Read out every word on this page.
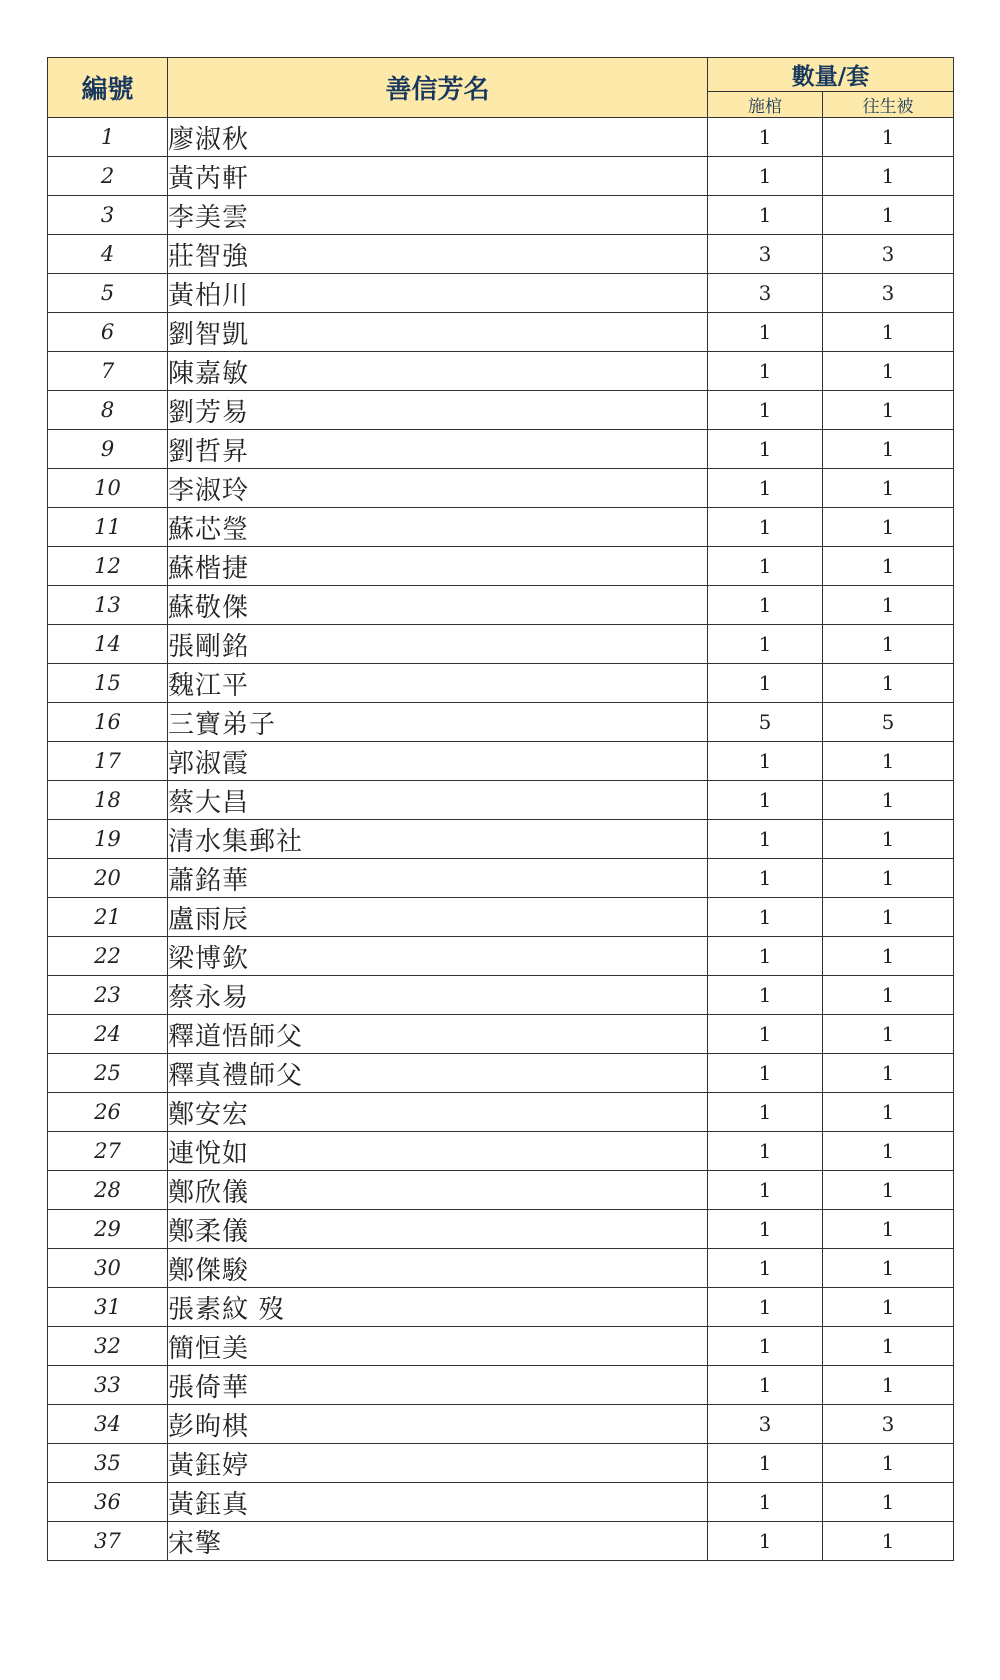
編號	善信芳名	數量/套	
		施棺	往生被
1	廖淑秋	1	1
2	黃芮軒	1	1
3	李美雲	1	1
4	莊智強	3	3
5	黃柏川	3	3
6	劉智凱	1	1
7	陳嘉敏	1	1
8	劉芳易	1	1
9	劉哲昇	1	1
10	李淑玲	1	1
11	蘇芯瑩	1	1
12	蘇楷捷	1	1
13	蘇敬傑	1	1
14	張剛銘	1	1
15	魏江平	1	1
16	三寶弟子	5	5
17	郭淑霞	1	1
18	蔡大昌	1	1
19	清水集郵社	1	1
20	蕭銘華	1	1
21	盧雨辰	1	1
22	梁博欽	1	1
23	蔡永易	1	1
24	釋道悟師父	1	1
25	釋真禮師父	1	1
26	鄭安宏	1	1
27	連悅如	1	1
28	鄭欣儀	1	1
29	鄭柔儀	1	1
30	鄭傑駿	1	1
31	張素紋 歿	1	1
32	簡恒美	1	1
33	張倚華	1	1
34	彭昫棋	3	3
35	黃鈺婷	1	1
36	黃鈺真	1	1
37	宋擎	1	1
